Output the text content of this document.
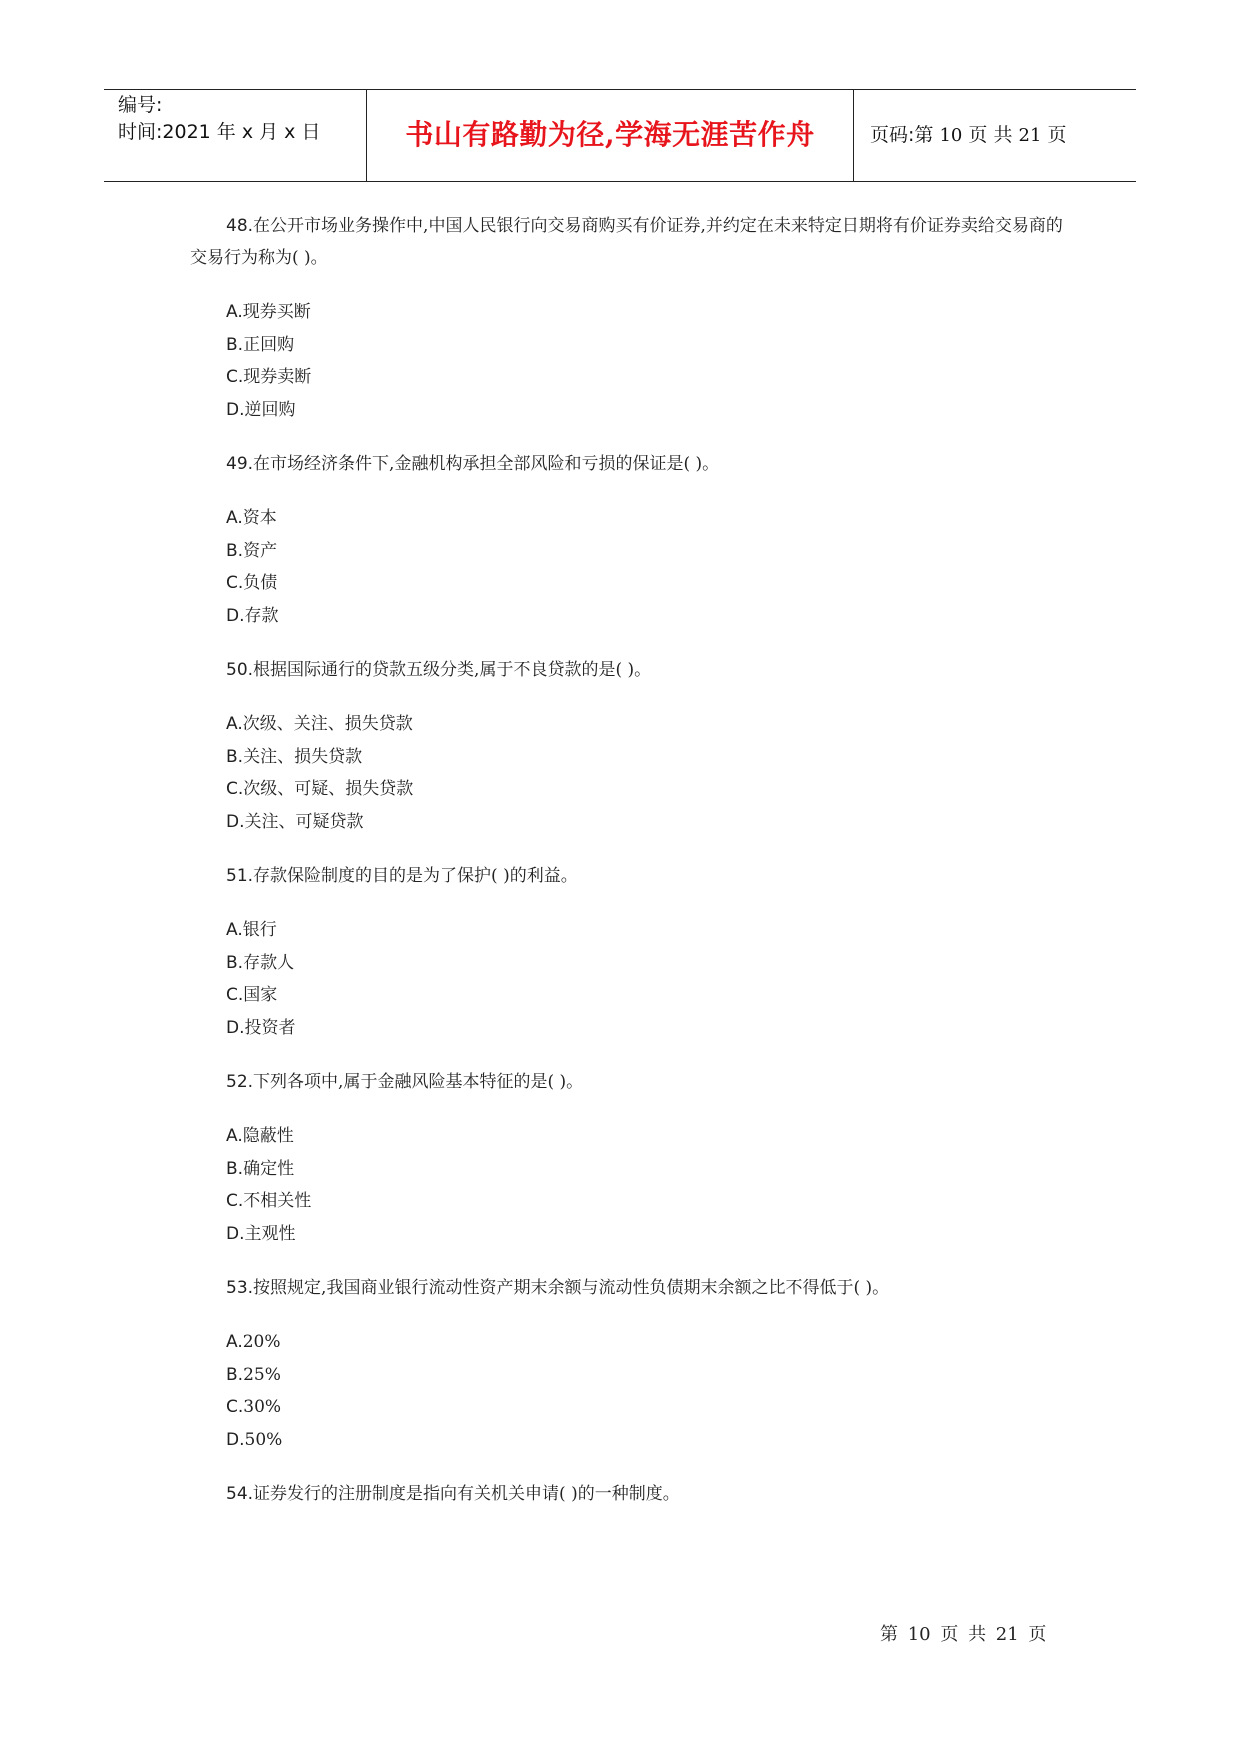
编号:
时间:2021 年 x 月 x 日	书山有路勤为径,学海无涯苦作舟	页码:第 10 页 共 21 页

48.在公开市场业务操作中,中国人民银行向交易商购买有价证券,并约定在未来特定日期将有价证券卖给交易商的交易行为称为( )。

A.现券买断
B.正回购
C.现券卖断
D.逆回购

49.在市场经济条件下,金融机构承担全部风险和亏损的保证是( )。

A.资本
B.资产
C.负债
D.存款

50.根据国际通行的贷款五级分类,属于不良贷款的是( )。

A.次级、关注、损失贷款
B.关注、损失贷款
C.次级、可疑、损失贷款
D.关注、可疑贷款

51.存款保险制度的目的是为了保护( )的利益。

A.银行
B.存款人
C.国家
D.投资者

52.下列各项中,属于金融风险基本特征的是( )。

A.隐蔽性
B.确定性
C.不相关性
D.主观性

53.按照规定,我国商业银行流动性资产期末余额与流动性负债期末余额之比不得低于( )。

A.20%
B.25%
C.30%
D.50%

54.证券发行的注册制度是指向有关机关申请( )的一种制度。

第 10 页 共 21 页
